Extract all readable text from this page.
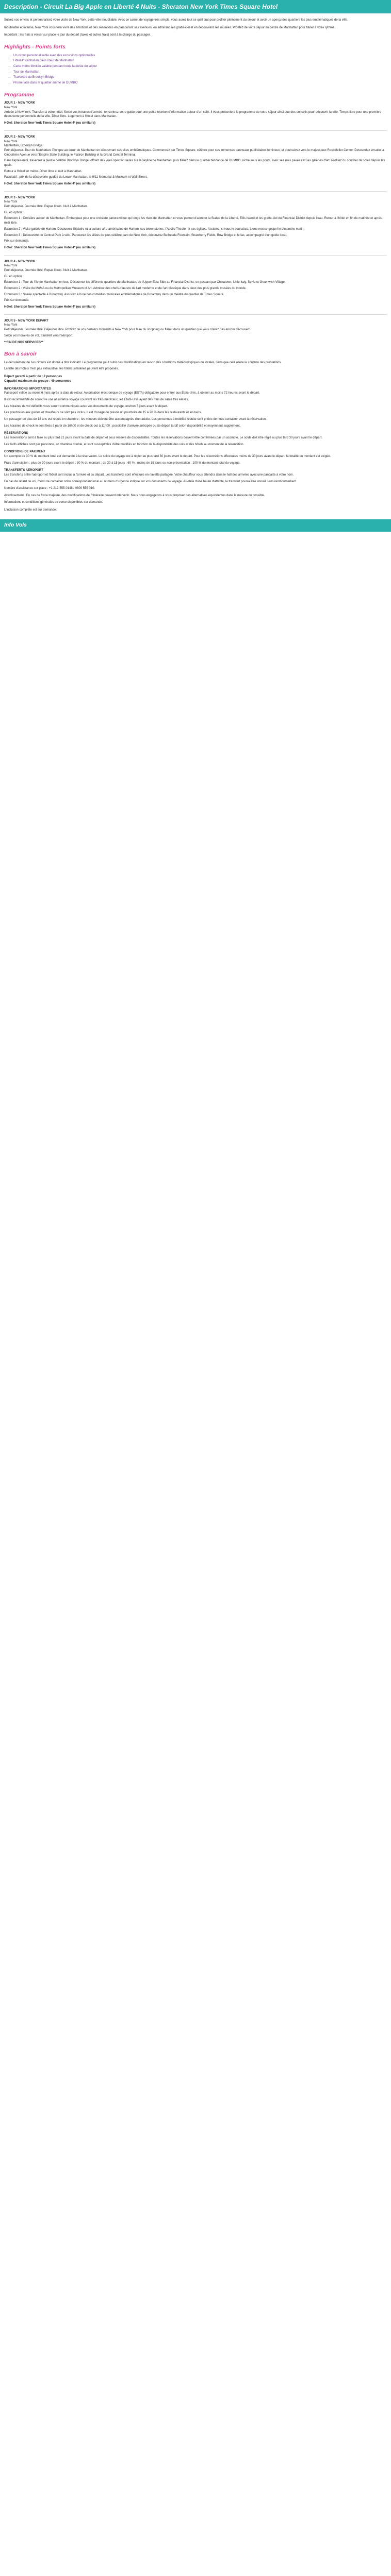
Description - Circuit La Big Apple en Liberté 4 Nuits - Sheraton New York Times Square Hotel

Suivez vos envies et personnalisez votre visite de New York, cette ville inoubliable. Avec ce carnet de voyage très simple, vous aurez tout ce qu'il faut pour profiter pleinement du séjour et avoir un aperçu des quartiers les plus emblématiques de la ville.

Inoubliable et intense, New York vous fera vivre des émotions et des sensations en parcourant ses avenues, en admirant ses gratte-ciel et en découvrant ses musées. Profitez de votre séjour au centre de Manhattan pour flâner à votre rythme.

Important : les frais à verser sur place le jour du départ (taxes et autres frais) sont à la charge du passager.

Highlights - Points forts
• Un circuit personnalisable avec des excursions optionnelles
• Hôtel 4* central en plein cœur de Manhattan
• Carte métro illimitée valable pendant toute la durée du séjour
• Tour de Manhattan
• Traversée du Brooklyn Bridge
• Promenade dans le quartier animé de DUMBO
Programme

JOUR 1 - NEW YORK

New York

Arrivée à New York. Transfert à votre hôtel. Selon vos horaires d'arrivée, rencontrez votre guide pour une petite réunion d'information autour d'un café. Il vous présentera le programme de votre séjour ainsi que des conseils pour découvrir la ville. Temps libre pour une première découverte personnelle de la ville. Dîner libre. Logement à l'hôtel dans Manhattan.

Hôtel: Sheraton New York Times Square Hotel 4* (ou similaire)

JOUR 2 - NEW YORK

New York

Manhattan, Brooklyn Bridge

Petit déjeuner. Tour de Manhattan. Plongez au cœur de Manhattan en découvrant ses sites emblématiques. Commencez par Times Square, célèbre pour ses immenses panneaux publicitaires lumineux, et poursuivez vers le majestueux Rockefeller Center. Descendez ensuite la Cinquième Avenue vers l'Empire State Building, le Flatiron Building et la Grand Central Terminal.

Dans l'après-midi, traversez à pied le célèbre Brooklyn Bridge, offrant des vues spectaculaires sur la skyline de Manhattan, puis flânez dans le quartier tendance de DUMBO, niché sous les ponts, avec ses rues pavées et ses galeries d'art. Profitez du coucher de soleil depuis les quais.

Retour à l'hôtel en métro. Dîner libre et nuit à Manhattan.

Facultatif : prix de la découverte guidée du Lower Manhattan, le 9/11 Memorial & Museum et Wall Street.

Hôtel: Sheraton New York Times Square Hotel 4* (ou similaire)

JOUR 3 - NEW YORK

New York

Petit déjeuner. Journée libre. Repas libres. Nuit à Manhattan.

Ou en option :

Excursion 1 : Croisière autour de Manhattan. Embarquez pour une croisière panoramique qui longe les rives de Manhattan et vous permet d'admirer la Statue de la Liberté, Ellis Island et les gratte-ciel du Financial District depuis l'eau. Retour à l'hôtel en fin de matinée et après-midi libre.

Excursion 2 : Visite guidée de Harlem. Découvrez l'histoire et la culture afro-américaine de Harlem, ses brownstones, l'Apollo Theater et ses églises. Assistez, si vous le souhaitez, à une messe gospel le dimanche matin.

Excursion 3 : Découverte de Central Park à vélo. Parcourez les allées du plus célèbre parc de New York, découvrez Bethesda Fountain, Strawberry Fields, Bow Bridge et le lac, accompagné d'un guide local.

Prix sur demande.

Hôtel: Sheraton New York Times Square Hotel 4* (ou similaire)

JOUR 4 - NEW YORK

New York

Petit déjeuner. Journée libre. Repas libres. Nuit à Manhattan.

Ou en option :

Excursion 1 : Tour de l'île de Manhattan en bus. Découvrez les différents quartiers de Manhattan, de l'Upper East Side au Financial District, en passant par Chinatown, Little Italy, SoHo et Greenwich Village.

Excursion 2 : Visite du MoMA ou du Metropolitan Museum of Art. Admirez des chefs-d'œuvre de l'art moderne et de l'art classique dans deux des plus grands musées du monde.

Excursion 3 : Soirée spectacle à Broadway. Assistez à l'une des comédies musicales emblématiques de Broadway dans un théâtre du quartier de Times Square.

Prix sur demande.

Hôtel: Sheraton New York Times Square Hotel 4* (ou similaire)

JOUR 5 - NEW YORK DEPART

New York

Petit déjeuner. Journée libre. Déjeuner libre. Profitez de vos derniers moments à New York pour faire du shopping ou flâner dans un quartier que vous n'avez pas encore découvert.

Selon vos horaires de vol, transfert vers l'aéroport.

**FIN DE NOS SERVICES**

Bon à savoir

Le déroulement de ces circuits est donné à titre indicatif. Le programme peut subir des modifications en raison des conditions météorologiques ou locales, sans que cela altère le contenu des prestations.

La liste des hôtels n'est pas exhaustive, les hôtels similaires peuvent être proposés.

Départ garanti à partir de : 2 personnes

Capacité maximum du groupe : 49 personnes

INFORMATIONS IMPORTANTES

Passeport valide au moins 6 mois après la date de retour. Autorisation électronique de voyage (ESTA) obligatoire pour entrer aux États-Unis, à obtenir au moins 72 heures avant le départ.

Il est recommandé de souscrire une assurance voyage couvrant les frais médicaux, les États-Unis ayant des frais de santé très élevés.

Les horaires de vol définitifs vous seront communiqués avec vos documents de voyage, environ 7 jours avant le départ.

Les pourboires aux guides et chauffeurs ne sont pas inclus. Il est d'usage de prévoir un pourboire de 15 à 20 % dans les restaurants et les taxis.

Un passager de plus de 18 ans est requis en chambre ; les mineurs doivent être accompagnés d'un adulte. Les personnes à mobilité réduite sont priées de nous contacter avant la réservation.

Les horaires de check-in sont fixés à partir de 16h00 et de check-out à 11h00 ; possibilité d'arrivée anticipée ou de départ tardif selon disponibilité et moyennant supplément.

RÉSERVATIONS

Les réservations sont à faire au plus tard 21 jours avant la date de départ et sous réserve de disponibilités. Toutes les réservations doivent être confirmées par un acompte. Le solde doit être réglé au plus tard 30 jours avant le départ.

Les tarifs affichés sont par personne, en chambre double, et sont susceptibles d'être modifiés en fonction de la disponibilité des vols et des hôtels au moment de la réservation.

CONDITIONS DE PAIEMENT

Un acompte de 30 % du montant total est demandé à la réservation. Le solde du voyage est à régler au plus tard 30 jours avant le départ. Pour les réservations effectuées moins de 30 jours avant le départ, la totalité du montant est exigée.

Frais d'annulation : plus de 30 jours avant le départ : 30 % du montant ; de 30 à 15 jours : 60 % ; moins de 15 jours ou non-présentation : 100 % du montant total du voyage.

TRANSFERTS AÉROPORT

Les transferts entre l'aéroport et l'hôtel sont inclus à l'arrivée et au départ. Les transferts sont effectués en navette partagée. Votre chauffeur vous attendra dans le hall des arrivées avec une pancarte à votre nom.

En cas de retard de vol, merci de contacter notre correspondant local au numéro d'urgence indiqué sur vos documents de voyage. Au-delà d'une heure d'attente, le transfert pourra être annulé sans remboursement.

Numéro d'assistance sur place : +1 212-555-0148 / 0800 555 010.

Avertissement : En cas de force majeure, des modifications de l'itinéraire peuvent intervenir. Nous nous engageons à vous proposer des alternatives équivalentes dans la mesure du possible.

Informations et conditions générales de vente disponibles sur demande.

L'inclusion complète est sur demande.

Info Vols
